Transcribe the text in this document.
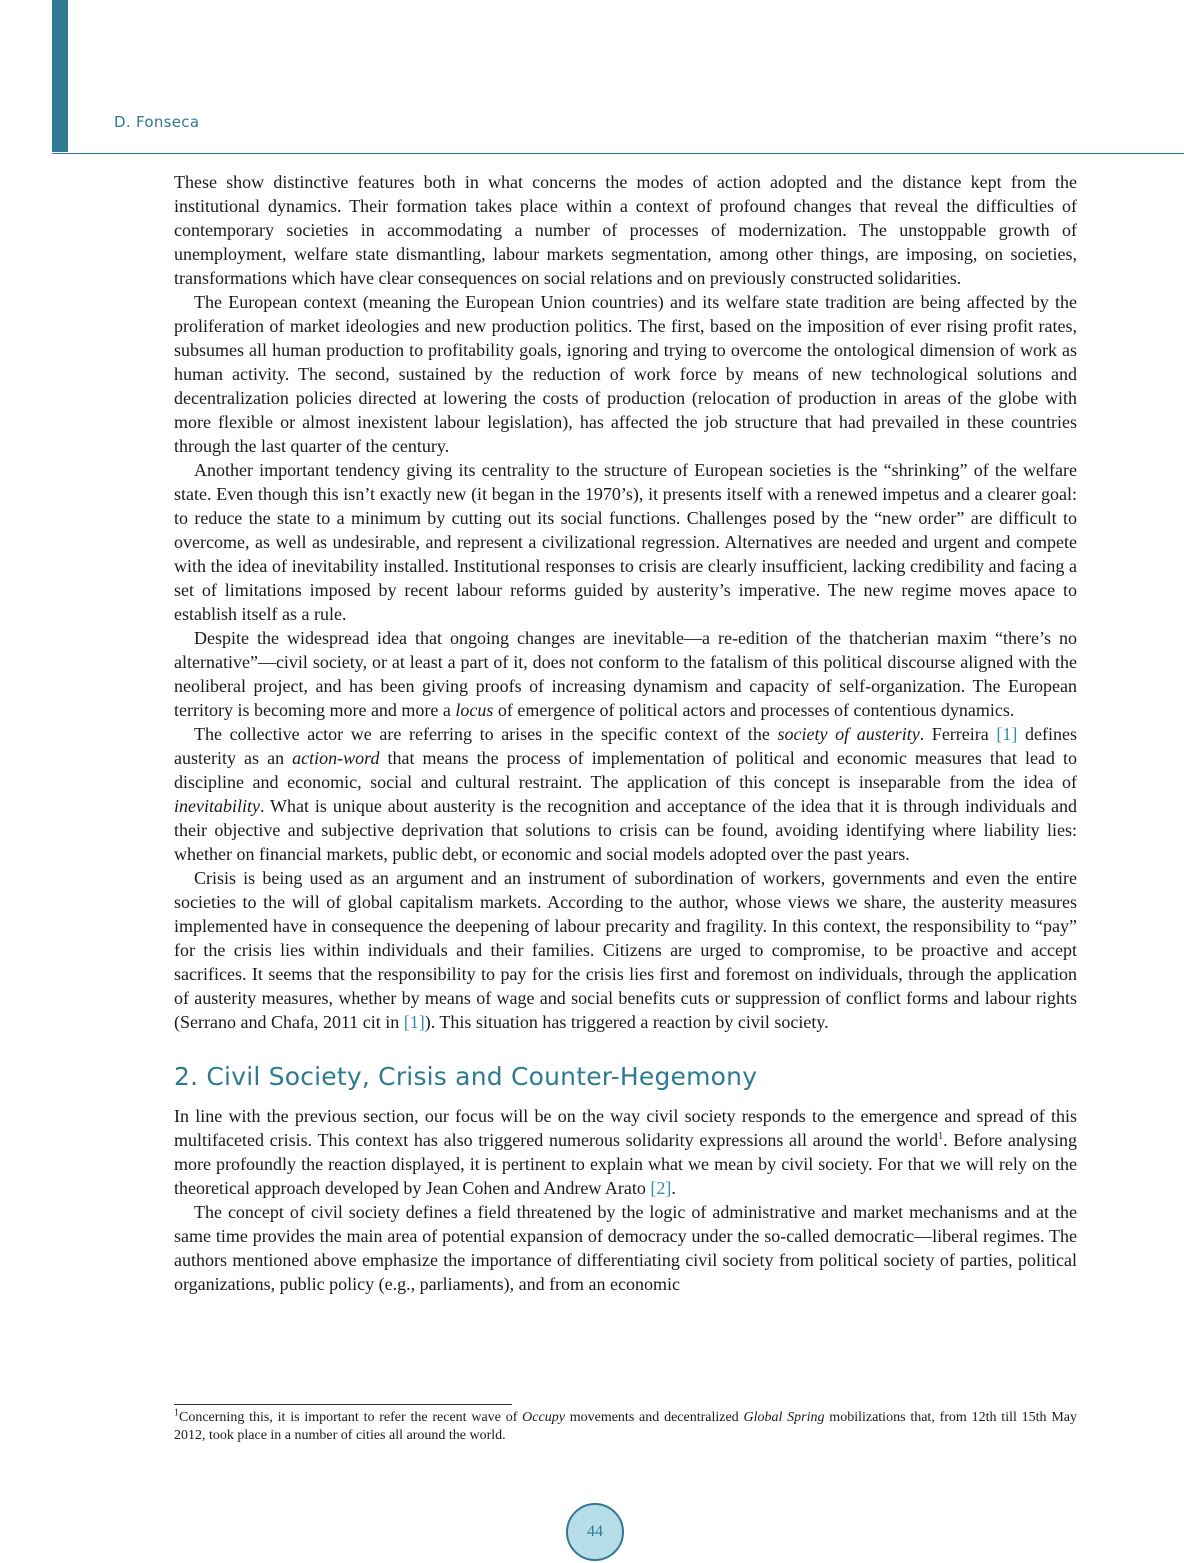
D. Fonseca

These show distinctive features both in what concerns the modes of action adopted and the distance kept from the institutional dynamics. Their formation takes place within a context of profound changes that reveal the difficulties of contemporary societies in accommodating a number of processes of modernization. The unstoppable growth of unemployment, welfare state dismantling, labour markets segmentation, among other things, are imposing, on societies, transformations which have clear consequences on social relations and on previously constructed solidarities.

The European context (meaning the European Union countries) and its welfare state tradition are being affected by the proliferation of market ideologies and new production politics. The first, based on the imposition of ever rising profit rates, subsumes all human production to profitability goals, ignoring and trying to overcome the ontological dimension of work as human activity. The second, sustained by the reduction of work force by means of new technological solutions and decentralization policies directed at lowering the costs of production (relocation of production in areas of the globe with more flexible or almost inexistent labour legislation), has affected the job structure that had prevailed in these countries through the last quarter of the century.

Another important tendency giving its centrality to the structure of European societies is the “shrinking” of the welfare state. Even though this isn’t exactly new (it began in the 1970’s), it presents itself with a renewed impetus and a clearer goal: to reduce the state to a minimum by cutting out its social functions. Challenges posed by the “new order” are difficult to overcome, as well as undesirable, and represent a civilizational regression. Alternatives are needed and urgent and compete with the idea of inevitability installed. Institutional responses to crisis are clearly insufficient, lacking credibility and facing a set of limitations imposed by recent labour reforms guided by austerity’s imperative. The new regime moves apace to establish itself as a rule.

Despite the widespread idea that ongoing changes are inevitable—a re-edition of the thatcherian maxim “there’s no alternative”—civil society, or at least a part of it, does not conform to the fatalism of this political discourse aligned with the neoliberal project, and has been giving proofs of increasing dynamism and capacity of self-organization. The European territory is becoming more and more a locus of emergence of political actors and processes of contentious dynamics.

The collective actor we are referring to arises in the specific context of the society of austerity. Ferreira [1] defines austerity as an action-word that means the process of implementation of political and economic measures that lead to discipline and economic, social and cultural restraint. The application of this concept is inseparable from the idea of inevitability. What is unique about austerity is the recognition and acceptance of the idea that it is through individuals and their objective and subjective deprivation that solutions to crisis can be found, avoiding identifying where liability lies: whether on financial markets, public debt, or economic and social models adopted over the past years.

Crisis is being used as an argument and an instrument of subordination of workers, governments and even the entire societies to the will of global capitalism markets. According to the author, whose views we share, the austerity measures implemented have in consequence the deepening of labour precarity and fragility. In this context, the responsibility to “pay” for the crisis lies within individuals and their families. Citizens are urged to compromise, to be proactive and accept sacrifices. It seems that the responsibility to pay for the crisis lies first and foremost on individuals, through the application of austerity measures, whether by means of wage and social benefits cuts or suppression of conflict forms and labour rights (Serrano and Chafa, 2011 cit in [1]). This situation has triggered a reaction by civil society.

2. Civil Society, Crisis and Counter-Hegemony

In line with the previous section, our focus will be on the way civil society responds to the emergence and spread of this multifaceted crisis. This context has also triggered numerous solidarity expressions all around the world$^1$. Before analysing more profoundly the reaction displayed, it is pertinent to explain what we mean by civil society. For that we will rely on the theoretical approach developed by Jean Cohen and Andrew Arato [2].

The concept of civil society defines a field threatened by the logic of administrative and market mechanisms and at the same time provides the main area of potential expansion of democracy under the so-called democratic—liberal regimes. The authors mentioned above emphasize the importance of differentiating civil society from political society of parties, political organizations, public policy (e.g., parliaments), and from an economic

$^1$Concerning this, it is important to refer the recent wave of Occupy movements and decentralized Global Spring mobilizations that, from 12th till 15th May 2012, took place in a number of cities all around the world.

44
